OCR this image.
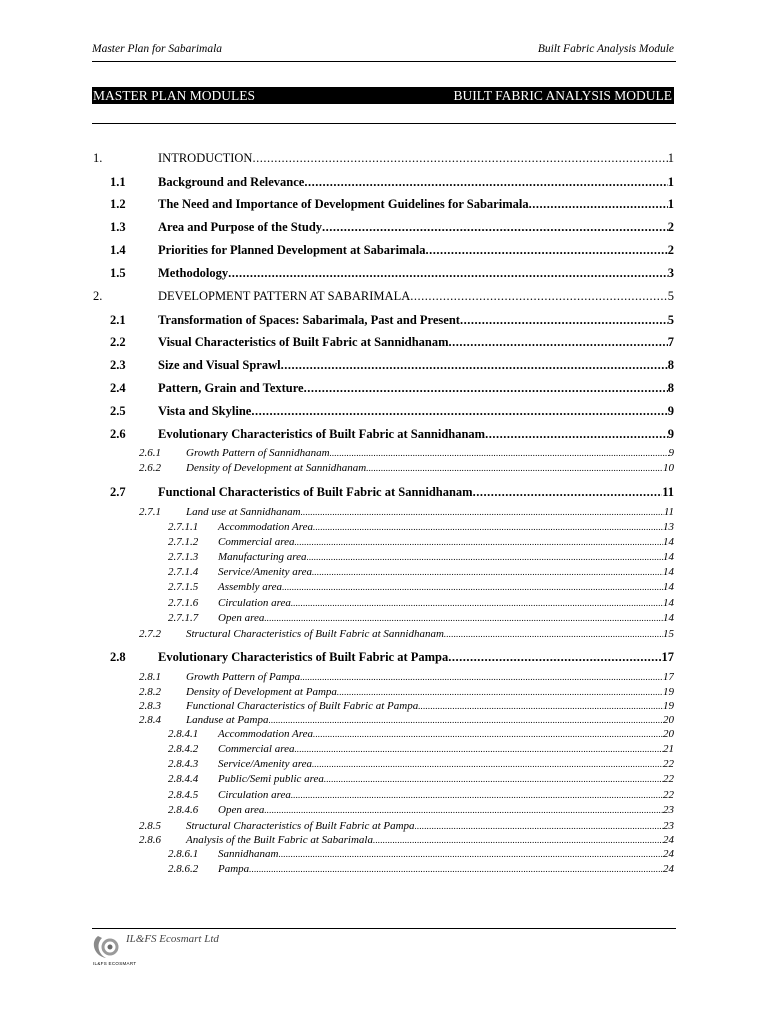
Master Plan for Sabarimala	Built Fabric Analysis Module
MASTER PLAN MODULES	BUILT FABRIC ANALYSIS MODULE
1.	INTRODUCTION .....	1
1.1	Background and Relevance .....	1
1.2	The Need and Importance of Development Guidelines for Sabarimala .....	1
1.3	Area and Purpose of the Study .....	2
1.4	Priorities for Planned Development at Sabarimala .....	2
1.5	Methodology .....	3
2.	DEVELOPMENT PATTERN AT SABARIMALA .....	5
2.1	Transformation of Spaces: Sabarimala, Past and Present .....	5
2.2	Visual Characteristics of Built Fabric at Sannidhanam .....	7
2.3	Size and Visual Sprawl .....	8
2.4	Pattern, Grain and Texture .....	8
2.5	Vista and Skyline .....	9
2.6	Evolutionary Characteristics of Built Fabric at Sannidhanam .....	9
2.6.1	Growth Pattern of Sannidhanam .....	9
2.6.2	Density of Development at Sannidhanam .....	10
2.7	Functional Characteristics of Built Fabric at Sannidhanam .....	11
2.7.1	Land use at Sannidhanam .....	11
2.7.1.1	Accommodation Area .....	13
2.7.1.2	Commercial area .....	14
2.7.1.3	Manufacturing area .....	14
2.7.1.4	Service/Amenity area .....	14
2.7.1.5	Assembly area .....	14
2.7.1.6	Circulation area .....	14
2.7.1.7	Open area .....	14
2.7.2	Structural Characteristics of Built Fabric at Sannidhanam .....	15
2.8	Evolutionary Characteristics of Built Fabric at Pampa .....	17
2.8.1	Growth Pattern of Pampa .....	17
2.8.2	Density of Development at Pampa .....	19
2.8.3	Functional Characteristics of Built Fabric at Pampa .....	19
2.8.4	Landuse at Pampa .....	20
2.8.4.1	Accommodation Area .....	20
2.8.4.2	Commercial area .....	21
2.8.4.3	Service/Amenity area .....	22
2.8.4.4	Public/Semi public area .....	22
2.8.4.5	Circulation area .....	22
2.8.4.6	Open area .....	23
2.8.5	Structural Characteristics of Built Fabric at Pampa .....	23
2.8.6	Analysis of the Built Fabric at Sabarimala .....	24
2.8.6.1	Sannidhanam .....	24
2.8.6.2	Pampa .....	24
IL&FS Ecosmart Ltd
IL&FS ECOSMART
